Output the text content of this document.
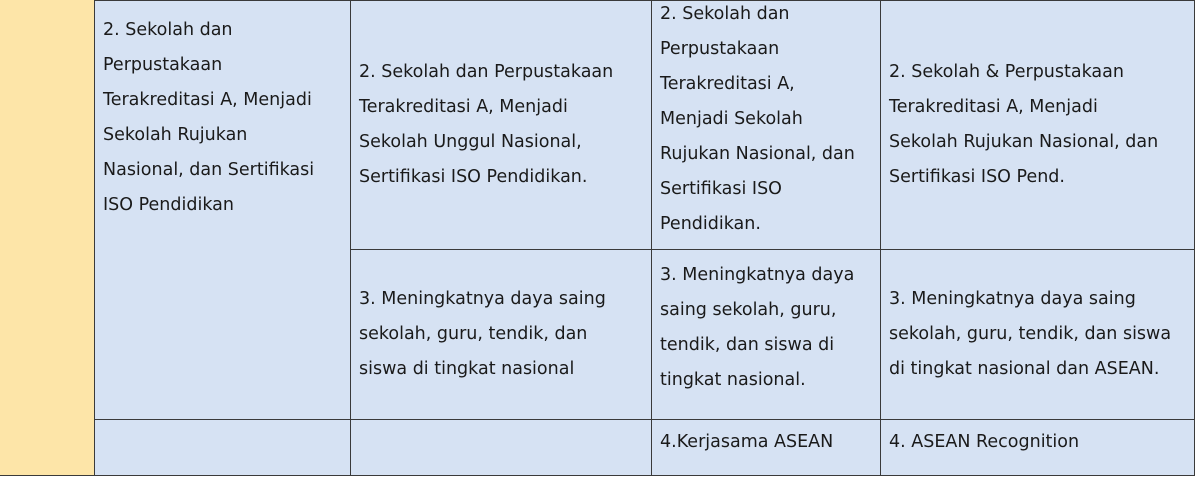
2. Sekolah dan
Perpustakaan
Terakreditasi A, Menjadi
Sekolah Rujukan
Nasional, dan Sertifikasi
ISO Pendidikan
2. Sekolah dan Perpustakaan
Terakreditasi A, Menjadi
Sekolah Unggul Nasional,
Sertifikasi ISO Pendidikan.
3. Meningkatnya daya saing
sekolah, guru, tendik, dan
siswa di tingkat nasional
2. Sekolah dan
Perpustakaan
Terakreditasi A,
Menjadi Sekolah
Rujukan Nasional, dan
Sertifikasi ISO
Pendidikan.
3. Meningkatnya daya
saing sekolah, guru,
tendik, dan siswa di
tingkat nasional.
4.Kerjasama ASEAN
2. Sekolah & Perpustakaan
Terakreditasi A, Menjadi
Sekolah Rujukan Nasional, dan
Sertifikasi ISO Pend.
3. Meningkatnya daya saing
sekolah, guru, tendik, dan siswa
di tingkat nasional dan ASEAN.
4. ASEAN Recognition
